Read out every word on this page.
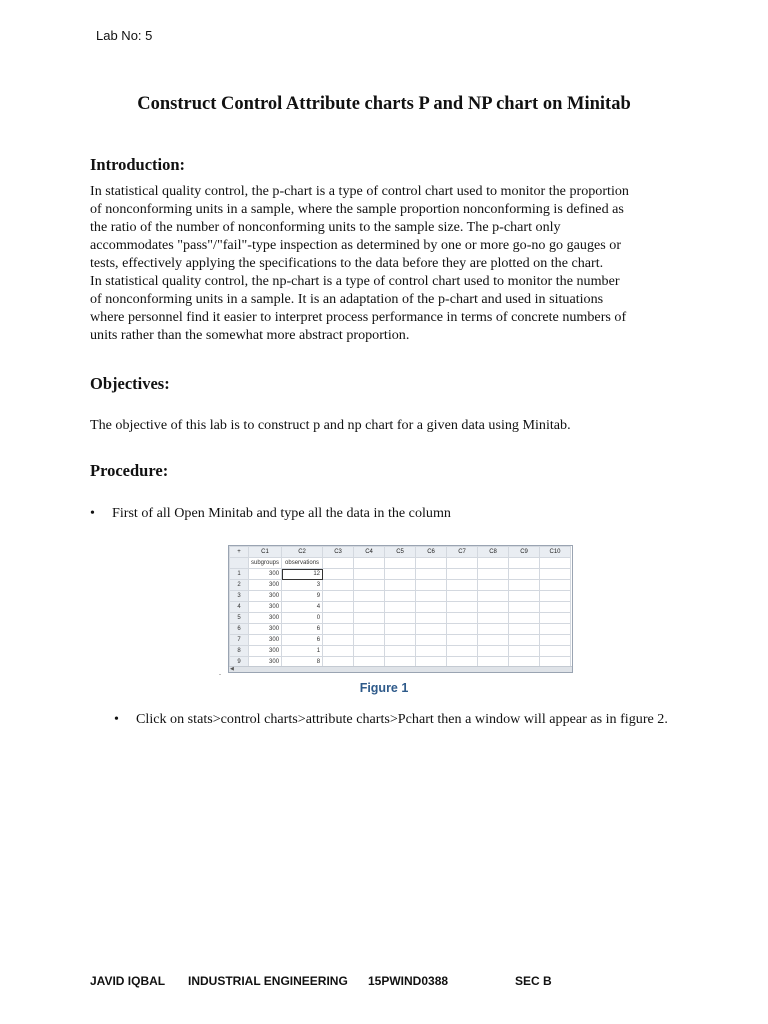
Lab No: 5
Construct Control Attribute charts P and NP chart on Minitab
Introduction:

In statistical quality control, the p-chart is a type of control chart used to monitor the proportion

of nonconforming units in a sample, where the sample proportion nonconforming is defined as

the ratio of the number of nonconforming units to the sample size. The p-chart only

accommodates "pass"/"fail"-type inspection as determined by one or more go-no go gauges or

tests, effectively applying the specifications to the data before they are plotted on the chart.

In statistical quality control, the np-chart is a type of control chart used to monitor the number

of nonconforming units in a sample. It is an adaptation of the p-chart and used in situations

where personnel find it easier to interpret process performance in terms of concrete numbers of

units rather than the somewhat more abstract proportion.

Objectives:
The objective of this lab is to construct p and np chart for a given data using Minitab.
Procedure:
•	First of all Open Minitab and type all the data in the column
+	C1	C2	C3	C4	C5	C6	C7	C8	C9	C10
	subgroups	observations								
1	300	12								
2	300	3								
3	300	9								
4	300	4								
5	300	0								
6	300	6								
7	300	6								
8	300	1								
9	300	8								
◀
.
Figure 1
•	Click on stats>control charts>attribute charts>Pchart then a window will appear as in figure 2.
JAVID IQBAL INDUSTRIAL ENGINEERING 15PWIND0388	SEC B
